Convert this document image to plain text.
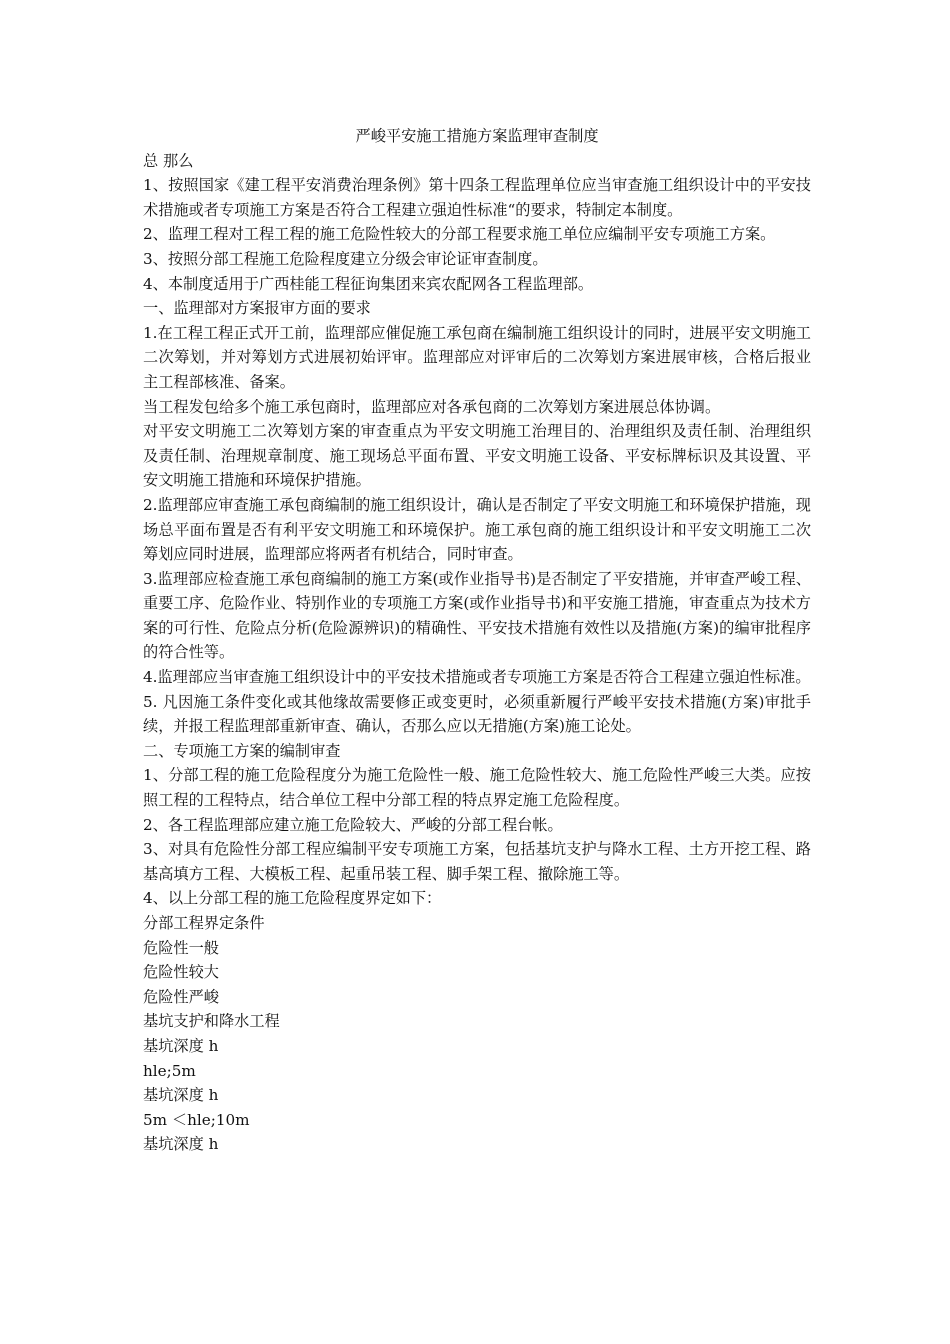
严峻平安施工措施方案监理审查制度

总 那么

1、按照国家《建工程平安消费治理条例》第十四条工程监理单位应当审查施工组织设计中的平安技术措施或者专项施工方案是否符合工程建立强迫性标准“的要求，特制定本制度。

2、监理工程对工程工程的施工危险性较大的分部工程要求施工单位应编制平安专项施工方案。

3、按照分部工程施工危险程度建立分级会审论证审查制度。

4、本制度适用于广西桂能工程征询集团来宾农配网各工程监理部。

一、监理部对方案报审方面的要求

1.在工程工程正式开工前，监理部应催促施工承包商在编制施工组织设计的同时，进展平安文明施工二次筹划，并对筹划方式进展初始评审。监理部应对评审后的二次筹划方案进展审核，合格后报业主工程部核准、备案。

当工程发包给多个施工承包商时，监理部应对各承包商的二次筹划方案进展总体协调。

对平安文明施工二次筹划方案的审查重点为平安文明施工治理目的、治理组织及责任制、治理组织及责任制、治理规章制度、施工现场总平面布置、平安文明施工设备、平安标牌标识及其设置、平安文明施工措施和环境保护措施。

2.监理部应审查施工承包商编制的施工组织设计，确认是否制定了平安文明施工和环境保护措施，现场总平面布置是否有利平安文明施工和环境保护。施工承包商的施工组织设计和平安文明施工二次筹划应同时进展，监理部应将两者有机结合，同时审查。

3.监理部应检查施工承包商编制的施工方案(或作业指导书)是否制定了平安措施，并审查严峻工程、重要工序、危险作业、特别作业的专项施工方案(或作业指导书)和平安施工措施，审查重点为技术方案的可行性、危险点分析(危险源辨识)的精确性、平安技术措施有效性以及措施(方案)的编审批程序的符合性等。

4.监理部应当审查施工组织设计中的平安技术措施或者专项施工方案是否符合工程建立强迫性标准。

5. 凡因施工条件变化或其他缘故需要修正或变更时，必须重新履行严峻平安技术措施(方案)审批手续，并报工程监理部重新审查、确认，否那么应以无措施(方案)施工论处。

二、专项施工方案的编制审查

1、分部工程的施工危险程度分为施工危险性一般、施工危险性较大、施工危险性严峻三大类。应按照工程的工程特点，结合单位工程中分部工程的特点界定施工危险程度。

2、各工程监理部应建立施工危险较大、严峻的分部工程台帐。

3、对具有危险性分部工程应编制平安专项施工方案，包括基坑支护与降水工程、土方开挖工程、路基高填方工程、大模板工程、起重吊装工程、脚手架工程、撤除施工等。

4、以上分部工程的施工危险程度界定如下：

分部工程界定条件

危险性一般

危险性较大

危险性严峻

基坑支护和降水工程

基坑深度 h

hle;5m

基坑深度 h

5m ＜hle;10m

基坑深度 h
